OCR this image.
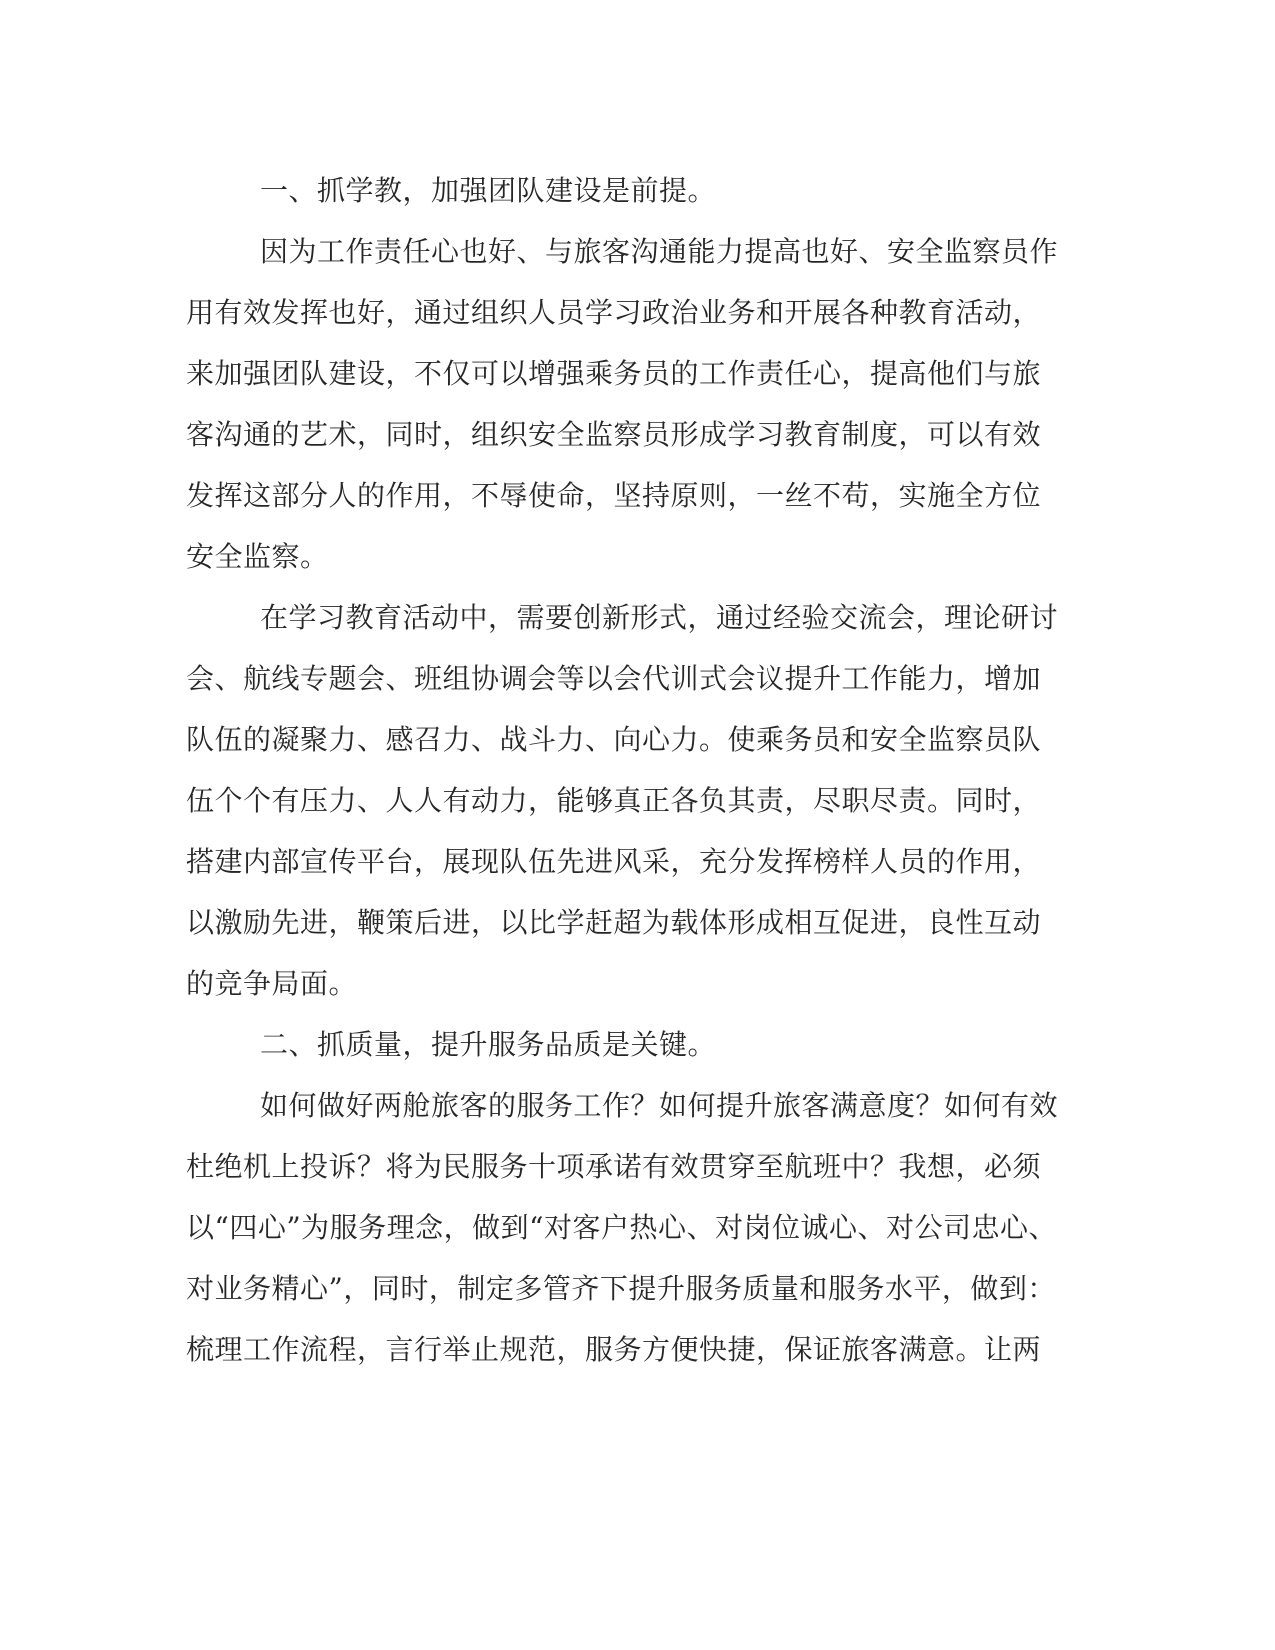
一、抓学教，加强团队建设是前提。
因为工作责任心也好、与旅客沟通能力提高也好、安全监察员作
用有效发挥也好，通过组织人员学习政治业务和开展各种教育活动，
来加强团队建设，不仅可以增强乘务员的工作责任心，提高他们与旅
客沟通的艺术，同时，组织安全监察员形成学习教育制度，可以有效
发挥这部分人的作用，不辱使命，坚持原则，一丝不苟，实施全方位
安全监察。
在学习教育活动中，需要创新形式，通过经验交流会，理论研讨
会、航线专题会、班组协调会等以会代训式会议提升工作能力，增加
队伍的凝聚力、感召力、战斗力、向心力。使乘务员和安全监察员队
伍个个有压力、人人有动力，能够真正各负其责，尽职尽责。同时，
搭建内部宣传平台，展现队伍先进风采，充分发挥榜样人员的作用，
以激励先进，鞭策后进，以比学赶超为载体形成相互促进，良性互动
的竞争局面。
二、抓质量，提升服务品质是关键。
如何做好两舱旅客的服务工作？如何提升旅客满意度？如何有效
杜绝机上投诉？将为民服务十项承诺有效贯穿至航班中？我想，必须
以“四心”为服务理念，做到“对客户热心、对岗位诚心、对公司忠心、
对业务精心”，同时，制定多管齐下提升服务质量和服务水平，做到：
梳理工作流程，言行举止规范，服务方便快捷，保证旅客满意。让两
